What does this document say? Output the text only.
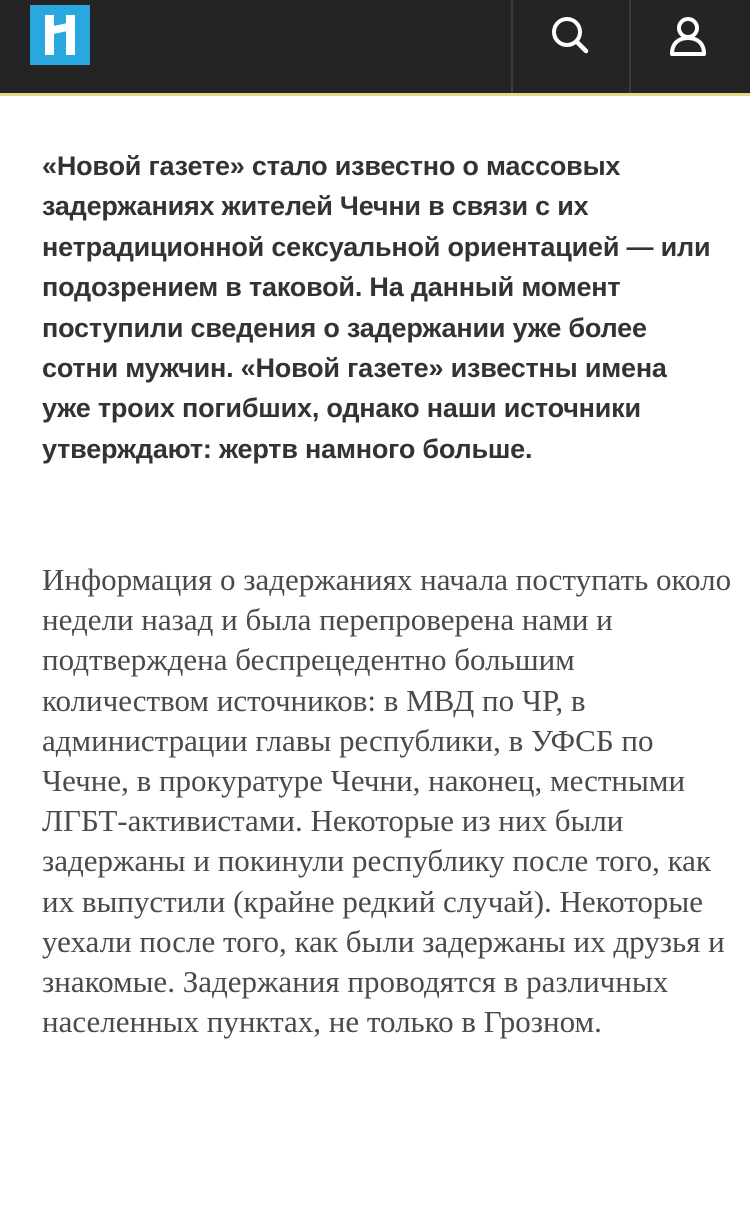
«Новой газете» стало известно о массовых задержаниях жителей Чечни в связи с их нетрадиционной сексуальной ориентацией — или подозрением в таковой. На данный момент поступили сведения о задержании уже более сотни мужчин. «Новой газете» известны имена уже троих погибших, однако наши источники утверждают: жертв намного больше.

Информация о задержаниях начала поступать около недели назад и была перепроверена нами и подтверждена беспрецедентно большим количеством источников: в МВД по ЧР, в администрации главы республики, в УФСБ по Чечне, в прокуратуре Чечни, наконец, местными ЛГБТ-активистами. Некоторые из них были задержаны и покинули республику после того, как их выпустили (крайне редкий случай). Некоторые уехали после того, как были задержаны их друзья и знакомые. Задержания проводятся в различных населенных пунктах, не только в Грозном.
